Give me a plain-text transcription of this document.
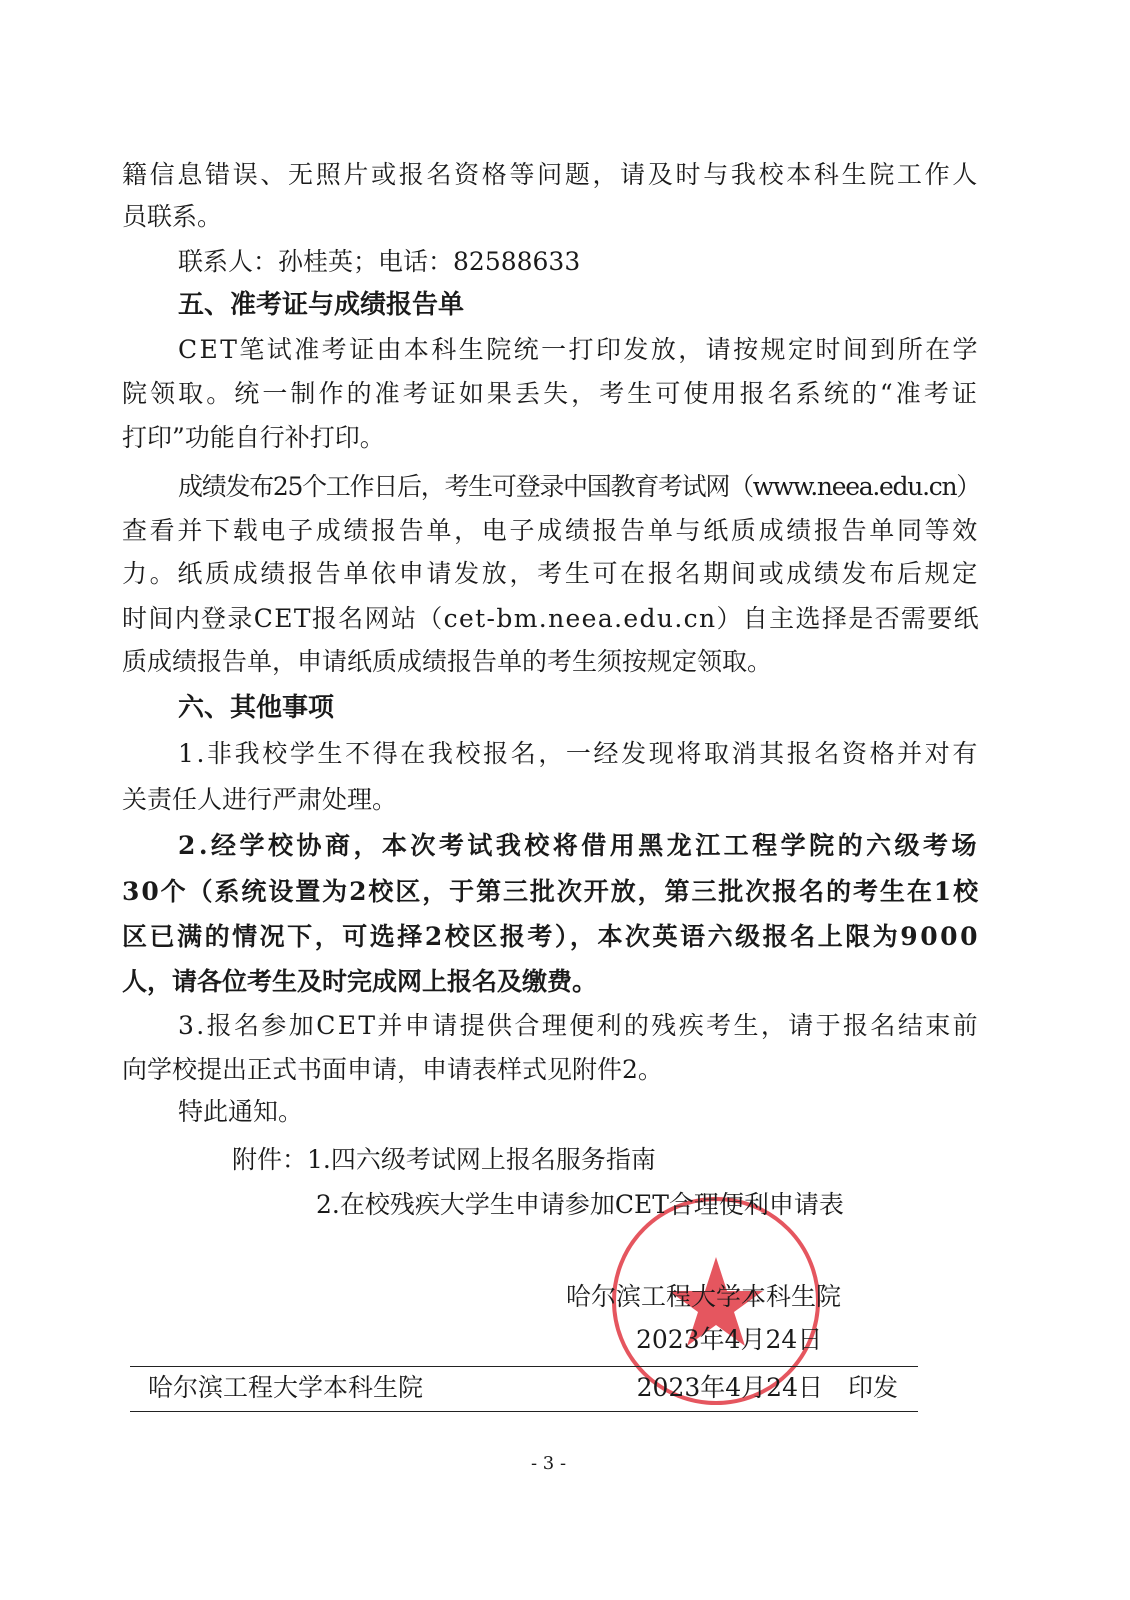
籍信息错误、无照片或报名资格等问题，请及时与我校本科生院工作人
员联系。
联系人：孙桂英；电话：82588633
五、准考证与成绩报告单
CET笔试准考证由本科生院统一打印发放，请按规定时间到所在学
院领取。统一制作的准考证如果丢失，考生可使用报名系统的“准考证
打印”功能自行补打印。
成绩发布25个工作日后，考生可登录中国教育考试网（www.neea.edu.cn）
查看并下载电子成绩报告单，电子成绩报告单与纸质成绩报告单同等效
力。纸质成绩报告单依申请发放，考生可在报名期间或成绩发布后规定
时间内登录CET报名网站（cet-bm.neea.edu.cn）自主选择是否需要纸
质成绩报告单，申请纸质成绩报告单的考生须按规定领取。
六、其他事项
1.非我校学生不得在我校报名，一经发现将取消其报名资格并对有
关责任人进行严肃处理。
2.经学校协商，本次考试我校将借用黑龙江工程学院的六级考场
30个（系统设置为2校区，于第三批次开放，第三批次报名的考生在1校
区已满的情况下，可选择2校区报考），本次英语六级报名上限为9000
人，请各位考生及时完成网上报名及缴费。
3.报名参加CET并申请提供合理便利的残疾考生，请于报名结束前
向学校提出正式书面申请，申请表样式见附件2。
特此通知。
附件：1.四六级考试网上报名服务指南
2.在校残疾大学生申请参加CET合理便利申请表
哈尔滨工程大学本科生院
2023年4月24日
哈尔滨工程大学本科生院	2023年4月24日　印发
- 3 -
